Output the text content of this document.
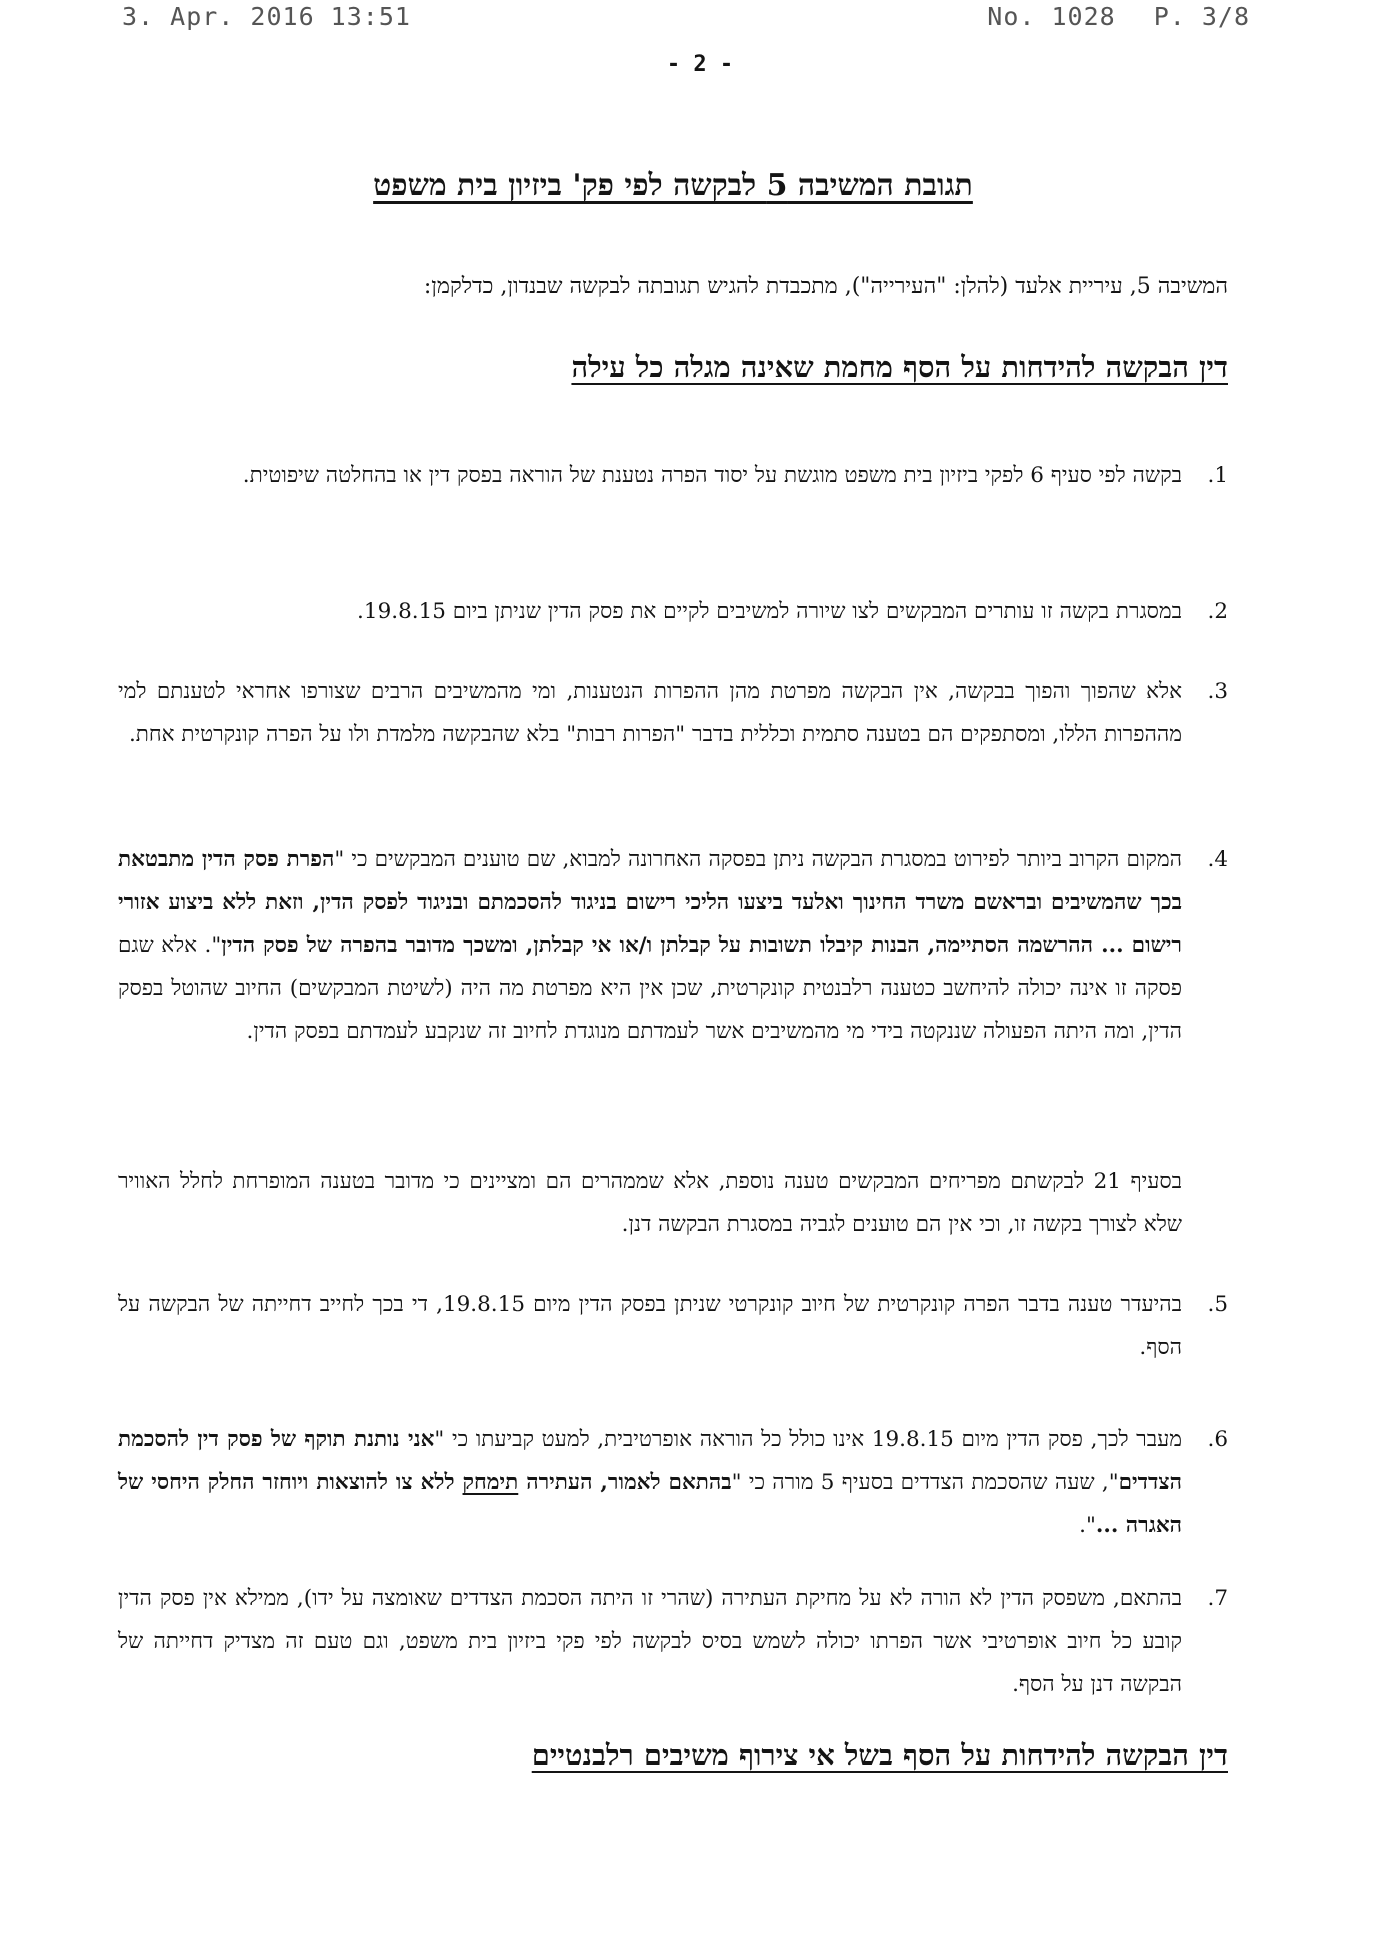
3. Apr. 2016 13:51	No. 1028 P. 3/8
- 2 -
תגובת המשיבה 5 לבקשה לפי פק' ביזיון בית משפט
המשיבה 5, עיריית אלעד (להלן: "העירייה"), מתכבדת להגיש תגובתה לבקשה שבנדון, כדלקמן:
דין הבקשה להידחות על הסף מחמת שאינה מגלה כל עילה
1.
בקשה לפי סעיף 6 לפקי ביזיון בית משפט מוגשת על יסוד הפרה נטענת של הוראה בפסק דין או בהחלטה שיפוטית.
2.
במסגרת בקשה זו עותרים המבקשים לצו שיורה למשיבים לקיים את פסק הדין שניתן ביום 19.8.15.
3.
אלא שהפוך והפוך בבקשה, אין הבקשה מפרטת מהן ההפרות הנטענות, ומי מהמשיבים הרבים שצורפו אחראי לטענתם למי מההפרות הללו, ומסתפקים הם בטענה סתמית וכללית בדבר "הפרות רבות" בלא שהבקשה מלמדת ולו על הפרה קונקרטית אחת.
4.
המקום הקרוב ביותר לפירוט במסגרת הבקשה ניתן בפסקה האחרונה למבוא, שם טוענים המבקשים כי "הפרת פסק הדין מתבטאת בכך שהמשיבים ובראשם משרד החינוך ואלעד ביצעו הליכי רישום בניגוד להסכמתם ובניגוד לפסק הדין, וזאת ללא ביצוע אזורי רישום ... ההרשמה הסתיימה, הבנות קיבלו תשובות על קבלתן ו/או אי קבלתן, ומשכך מדובר בהפרה של פסק הדין". אלא שגם פסקה זו אינה יכולה להיחשב כטענה רלבנטית קונקרטית, שכן אין היא מפרטת מה היה (לשיטת המבקשים) החיוב שהוטל בפסק הדין, ומה היתה הפעולה שננקטה בידי מי מהמשיבים אשר לעמדתם מנוגדת לחיוב זה שנקבע לעמדתם בפסק הדין.
בסעיף 21 לבקשתם מפריחים המבקשים טענה נוספת, אלא שממהרים הם ומציינים כי מדובר בטענה המופרחת לחלל האוויר שלא לצורך בקשה זו, וכי אין הם טוענים לגביה במסגרת הבקשה דנן.
5.
בהיעדר טענה בדבר הפרה קונקרטית של חיוב קונקרטי שניתן בפסק הדין מיום 19.8.15, די בכך לחייב דחייתה של הבקשה על הסף.
6.
מעבר לכך, פסק הדין מיום 19.8.15 אינו כולל כל הוראה אופרטיבית, למעט קביעתו כי "אני נותנת תוקף של פסק דין להסכמת הצדדים", שעה שהסכמת הצדדים בסעיף 5 מורה כי "בהתאם לאמור, העתירה תימחק ללא צו להוצאות ויוחזר החלק היחסי של האגרה ...".
7.
בהתאם, משפסק הדין לא הורה לא על מחיקת העתירה (שהרי זו היתה הסכמת הצדדים שאומצה על ידו), ממילא אין פסק הדין קובע כל חיוב אופרטיבי אשר הפרתו יכולה לשמש בסיס לבקשה לפי פקי ביזיון בית משפט, וגם טעם זה מצדיק דחייתה של הבקשה דנן על הסף.
דין הבקשה להידחות על הסף בשל אי צירוף משיבים רלבנטיים
